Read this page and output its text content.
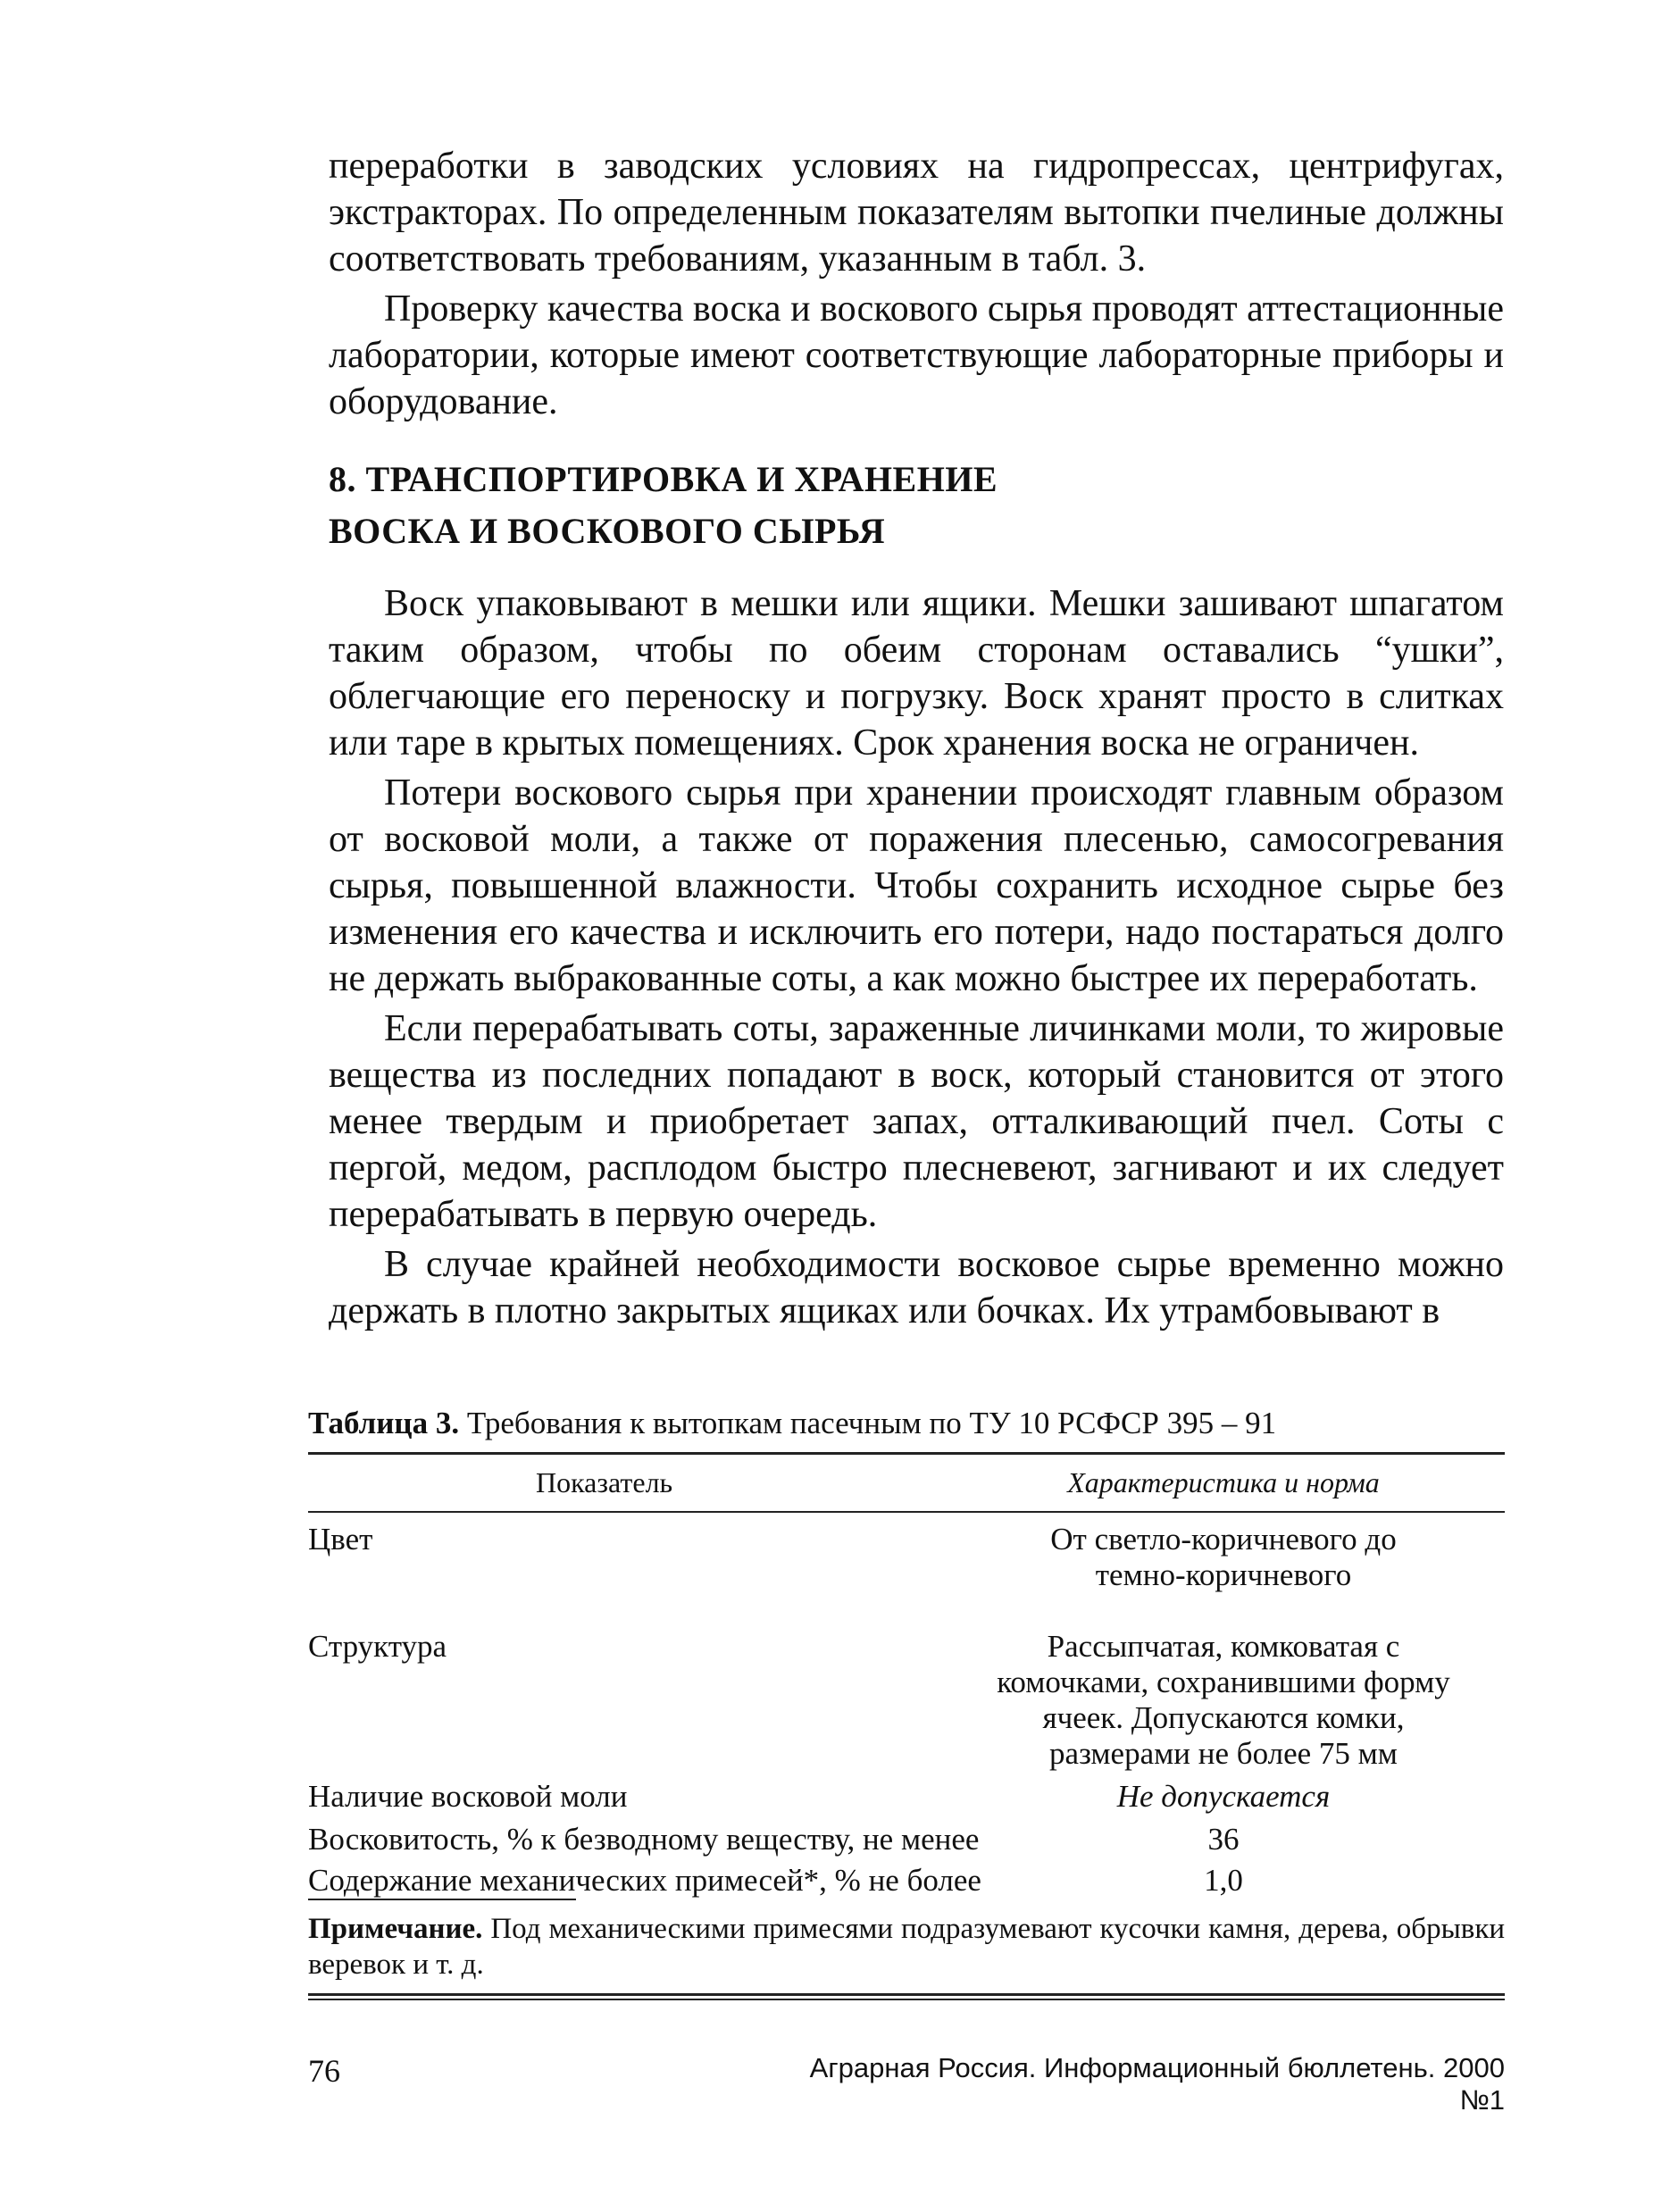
переработки в заводских условиях на гидропрессах, центрифугах, экстракторах. По определенным показателям вытопки пчелиные должны соответствовать требованиям, указанным в табл. 3.

Проверку качества воска и воскового сырья проводят аттестационные лаборатории, которые имеют соответствующие лабораторные приборы и оборудование.

8. ТРАНСПОРТИРОВКА И ХРАНЕНИЕ
ВОСКА И ВОСКОВОГО СЫРЬЯ

Воск упаковывают в мешки или ящики. Мешки зашивают шпагатом таким образом, чтобы по обеим сторонам оставались “ушки”, облегчающие его переноску и погрузку. Воск хранят просто в слитках или таре в крытых помещениях. Срок хранения воска не ограничен.

Потери воскового сырья при хранении происходят главным образом от восковой моли, а также от поражения плесенью, самосогревания сырья, повышенной влажности. Чтобы сохранить исходное сырье без изменения его качества и исключить его потери, надо постараться долго не держать выбракованные соты, а как можно быстрее их переработать.

Если перерабатывать соты, зараженные личинками моли, то жировые вещества из последних попадают в воск, который становится от этого менее твердым и приобретает запах, отталкивающий пчел. Соты с пергой, медом, расплодом быстро плесневеют, загнивают и их следует перерабатывать в первую очередь.

В случае крайней необходимости восковое сырье временно можно держать в плотно закрытых ящиках или бочках. Их утрамбовывают в

Таблица 3. Требования к вытопкам пасечным по ТУ 10 РСФСР 395 – 91
Показатель	Характеристика и норма
Цвет	От светло-коричневого до темно-коричневого
Структура	Рассыпчатая, комковатая с комочками, сохранившими форму ячеек. Допускаются комки, размерами не более 75 мм
Наличие восковой моли	Не допускается
Восковитость, % к безводному веществу, не менее	36
Содержание механических примесей*, % не более	1,0
Примечание. Под механическими примесями подразумевают кусочки камня, дерева, обрывки веревок и т. д.
76	Аграрная Россия. Информационный бюллетень. 2000 №1
